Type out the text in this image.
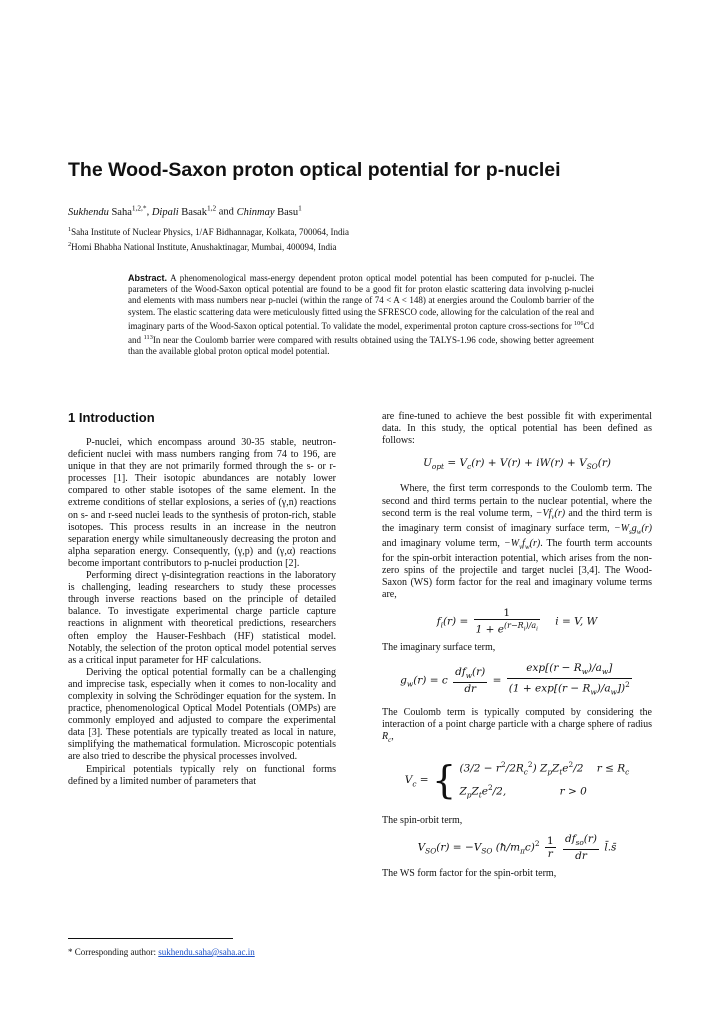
The Wood-Saxon proton optical potential for p-nuclei
Sukhendu Saha$^{1,2,*}$, Dipali Basak$^{1,2}$ and Chinmay Basu$^1$
$^1$Saha Institute of Nuclear Physics, 1/AF Bidhannagar, Kolkata, 700064, India
$^2$Homi Bhabha National Institute, Anushaktinagar, Mumbai, 400094, India
Abstract. A phenomenological mass-energy dependent proton optical model potential has been computed for p-nuclei. The parameters of the Wood-Saxon optical potential are found to be a good fit for proton elastic scattering data involving p-nuclei and elements with mass numbers near p-nuclei (within the range of 74 < A < 148) at energies around the Coulomb barrier of the system. The elastic scattering data were meticulously fitted using the SFRESCO code, allowing for the calculation of the real and imaginary parts of the Wood-Saxon optical potential. To validate the model, experimental proton capture cross-sections for $^{106}$Cd and $^{113}$In near the Coulomb barrier were compared with results obtained using the TALYS-1.96 code, showing better agreement than the available global proton optical model potential.
1 Introduction

P-nuclei, which encompass around 30-35 stable, neutron-deficient nuclei with mass numbers ranging from 74 to 196, are unique in that they are not primarily formed through the s- or r-processes [1]. Their isotopic abundances are notably lower compared to other stable isotopes of the same element. In the extreme conditions of stellar explosions, a series of (γ,n) reactions on s- and r-seed nuclei leads to the synthesis of proton-rich, stable isotopes. This process results in an increase in the neutron separation energy while simultaneously decreasing the proton and alpha separation energy. Consequently, (γ,p) and (γ,α) reactions become important contributors to p-nuclei production [2].

Performing direct γ-disintegration reactions in the laboratory is challenging, leading researchers to study these processes through inverse reactions based on the principle of detailed balance. To investigate experimental charge particle capture reactions in alignment with theoretical predictions, researchers often employ the Hauser-Feshbach (HF) statistical model. Notably, the selection of the proton optical model potential serves as a critical input parameter for HF calculations.

Deriving the optical potential formally can be a challenging and imprecise task, especially when it comes to non-locality and complexity in solving the Schrödinger equation for the system. In practice, phenomenological Optical Model Potentials (OMPs) are commonly employed and adjusted to compare the experimental data [3]. These potentials are typically treated as local in nature, simplifying the mathematical formulation. Microscopic potentials are also tried to describe the physical processes involved.

Empirical potentials typically rely on functional forms defined by a limited number of parameters that

are fine-tuned to achieve the best possible fit with experimental data. In this study, the optical potential has been defined as follows:

$U_{opt} = V_c(r) + V(r) + iW(r) + V_{SO}(r)$

Where, the first term corresponds to the Coulomb term. The second and third terms pertain to the nuclear potential, where the second term is the real volume term, $-Vf_v(r)$ and the third term is the imaginary term consist of imaginary surface term, $-W_sg_w(r)$ and imaginary volume term, $-W_vf_w(r)$. The fourth term accounts for the spin-orbit interaction potential, which arises from the non-zero spins of the projectile and target nuclei [3,4]. The Wood-Saxon (WS) form factor for the real and imaginary volume terms are,

$f_i(r) = \frac{1}{1 + e^{(r-R_i)/a_i}}$ i = V, W

The imaginary surface term,

$g_w(r) = c \frac{df_w(r)}{dr} = \frac{\exp[(r - R_w)/a_w]}{(1 + \exp[(r - R_w)/a_w])^2}$

The Coulomb term is typically computed by considering the interaction of a point charge particle with a charge sphere of radius $R_c$,

$V_c$ = { $(3/2 - r^2/2R_c^2)$ $Z_pZ_te^2/2$    $r \le R_c$
$Z_pZ_te^2/2$,                r > 0

The spin-orbit term,

$V_{SO}(r) = -V_{SO}$ $(ħ/m_\pi c)^2 \frac{1}{r}$
$\frac{df_{so}(r)}{dr}$ l̄.s̄

The WS form factor for the spin-orbit term,

* Corresponding author: sukhendu.saha@saha.ac.in
